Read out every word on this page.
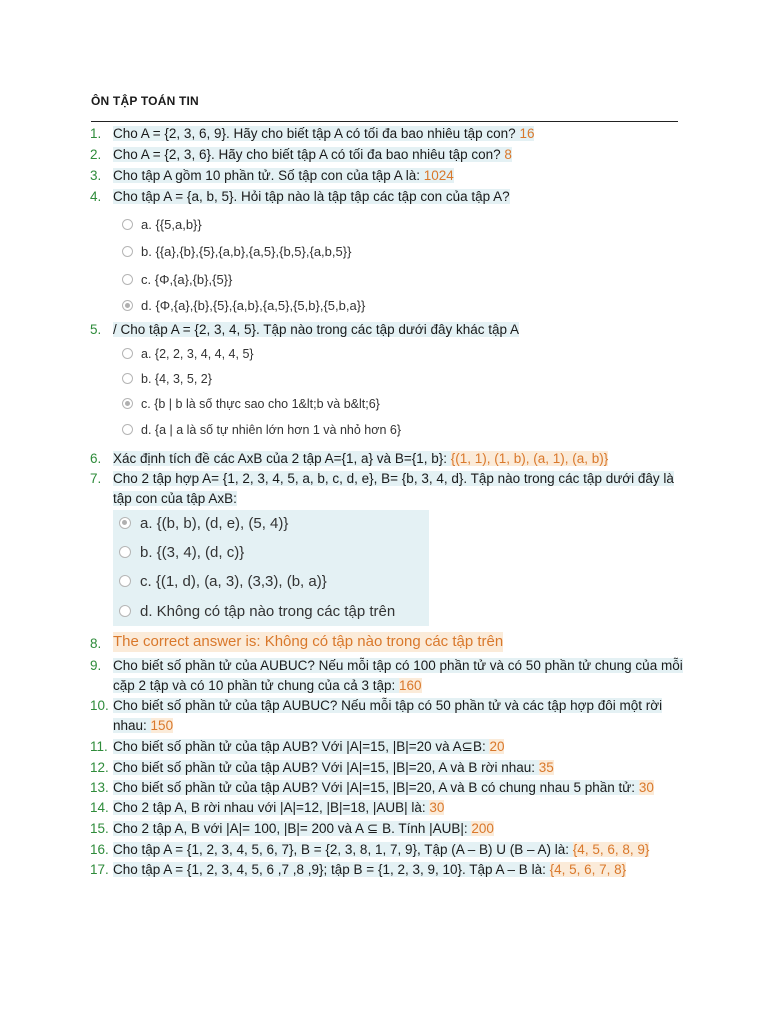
ÔN TẬP TOÁN TIN
1. Cho A = {2, 3, 6, 9}. Hãy cho biết tập A có tối đa bao nhiêu tập con? 16
2. Cho A = {2, 3, 6}. Hãy cho biết tập A có tối đa bao nhiêu tập con? 8
3. Cho tập A gồm 10 phần tử. Số tập con của tập A là: 1024
4. Cho tập A = {a, b, 5}. Hỏi tập nào là tập tập các tập con của tập A?
a. {{5,a,b}}
b. {{a},{b},{5},{a,b},{a,5},{b,5},{a,b,5}}
c. {Φ,{a},{b},{5}}
d. {Φ,{a},{b},{5},{a,b},{a,5},{5,b},{5,b,a}}
5. / Cho tập A = {2, 3, 4, 5}. Tập nào trong các tập dưới đây khác tập A
a. {2, 2, 3, 4, 4, 4, 5}
b. {4, 3, 5, 2}
c. {b | b là số thực sao cho 1&lt;b và b&lt;6}
d. {a | a là số tự nhiên lớn hơn 1 và nhỏ hơn 6}
6. Xác định tích đề các AxB của 2 tập A={1, a} và B={1, b}: {(1, 1), (1, b), (a, 1), (a, b)}
7. Cho 2 tập hợp A= {1, 2, 3, 4, 5, a, b, c, d, e}, B= {b, 3, 4, d}. Tập nào trong các tập dưới đây là tập con của tập AxB:
a. {(b, b), (d, e), (5, 4)}
b. {(3, 4), (d, c)}
c. {(1, d), (a, 3), (3,3), (b, a)}
d. Không có tập nào trong các tập trên
8. The correct answer is: Không có tập nào trong các tập trên
9. Cho biết số phần tử của AUBUC? Nếu mỗi tập có 100 phần tử và có 50 phần tử chung của mỗi cặp 2 tập và có 10 phần tử chung của cả 3 tập: 160
10. Cho biết số phần tử của tập AUBUC? Nếu mỗi tập có 50 phần tử và các tập hợp đôi một rời nhau: 150
11. Cho biết số phần tử của tập AUB? Với |A|=15, |B|=20 và A⊆B: 20
12. Cho biết số phần tử của tập AUB? Với |A|=15, |B|=20, A và B rời nhau: 35
13. Cho biết số phần tử của tập AUB? Với |A|=15, |B|=20, A và B có chung nhau 5 phần tử: 30
14. Cho 2 tập A, B rời nhau với |A|=12, |B|=18, |AUB| là: 30
15. Cho 2 tập A, B với |A|= 100, |B|= 200 và A ⊆ B. Tính |AUB|: 200
16. Cho tập A = {1, 2, 3, 4, 5, 6, 7}, B = {2, 3, 8, 1, 7, 9}, Tập (A – B) U (B – A) là: {4, 5, 6, 8, 9}
17. Cho tập A = {1, 2, 3, 4, 5, 6 ,7 ,8 ,9}; tập B = {1, 2, 3, 9, 10}. Tập A – B là: {4, 5, 6, 7, 8}
